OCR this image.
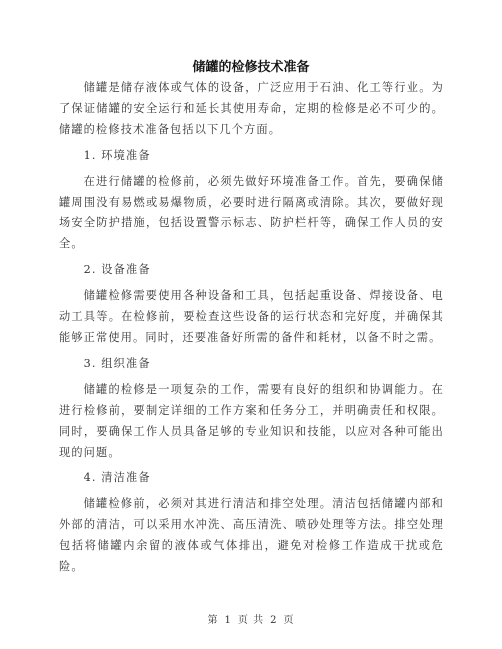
储罐的检修技术准备

储罐是储存液体或气体的设备，广泛应用于石油、化工等行业。为了保证储罐的安全运行和延长其使用寿命，定期的检修是必不可少的。储罐的检修技术准备包括以下几个方面。

1. 环境准备

在进行储罐的检修前，必须先做好环境准备工作。首先，要确保储罐周围没有易燃或易爆物质，必要时进行隔离或清除。其次，要做好现场安全防护措施，包括设置警示标志、防护栏杆等，确保工作人员的安全。

2. 设备准备

储罐检修需要使用各种设备和工具，包括起重设备、焊接设备、电动工具等。在检修前，要检查这些设备的运行状态和完好度，并确保其能够正常使用。同时，还要准备好所需的备件和耗材，以备不时之需。

3. 组织准备

储罐的检修是一项复杂的工作，需要有良好的组织和协调能力。在进行检修前，要制定详细的工作方案和任务分工，并明确责任和权限。同时，要确保工作人员具备足够的专业知识和技能，以应对各种可能出现的问题。

4. 清洁准备

储罐检修前，必须对其进行清洁和排空处理。清洁包括储罐内部和外部的清洁，可以采用水冲洗、高压清洗、喷砂处理等方法。排空处理包括将储罐内余留的液体或气体排出，避免对检修工作造成干扰或危险。

第 1 页 共 2 页
